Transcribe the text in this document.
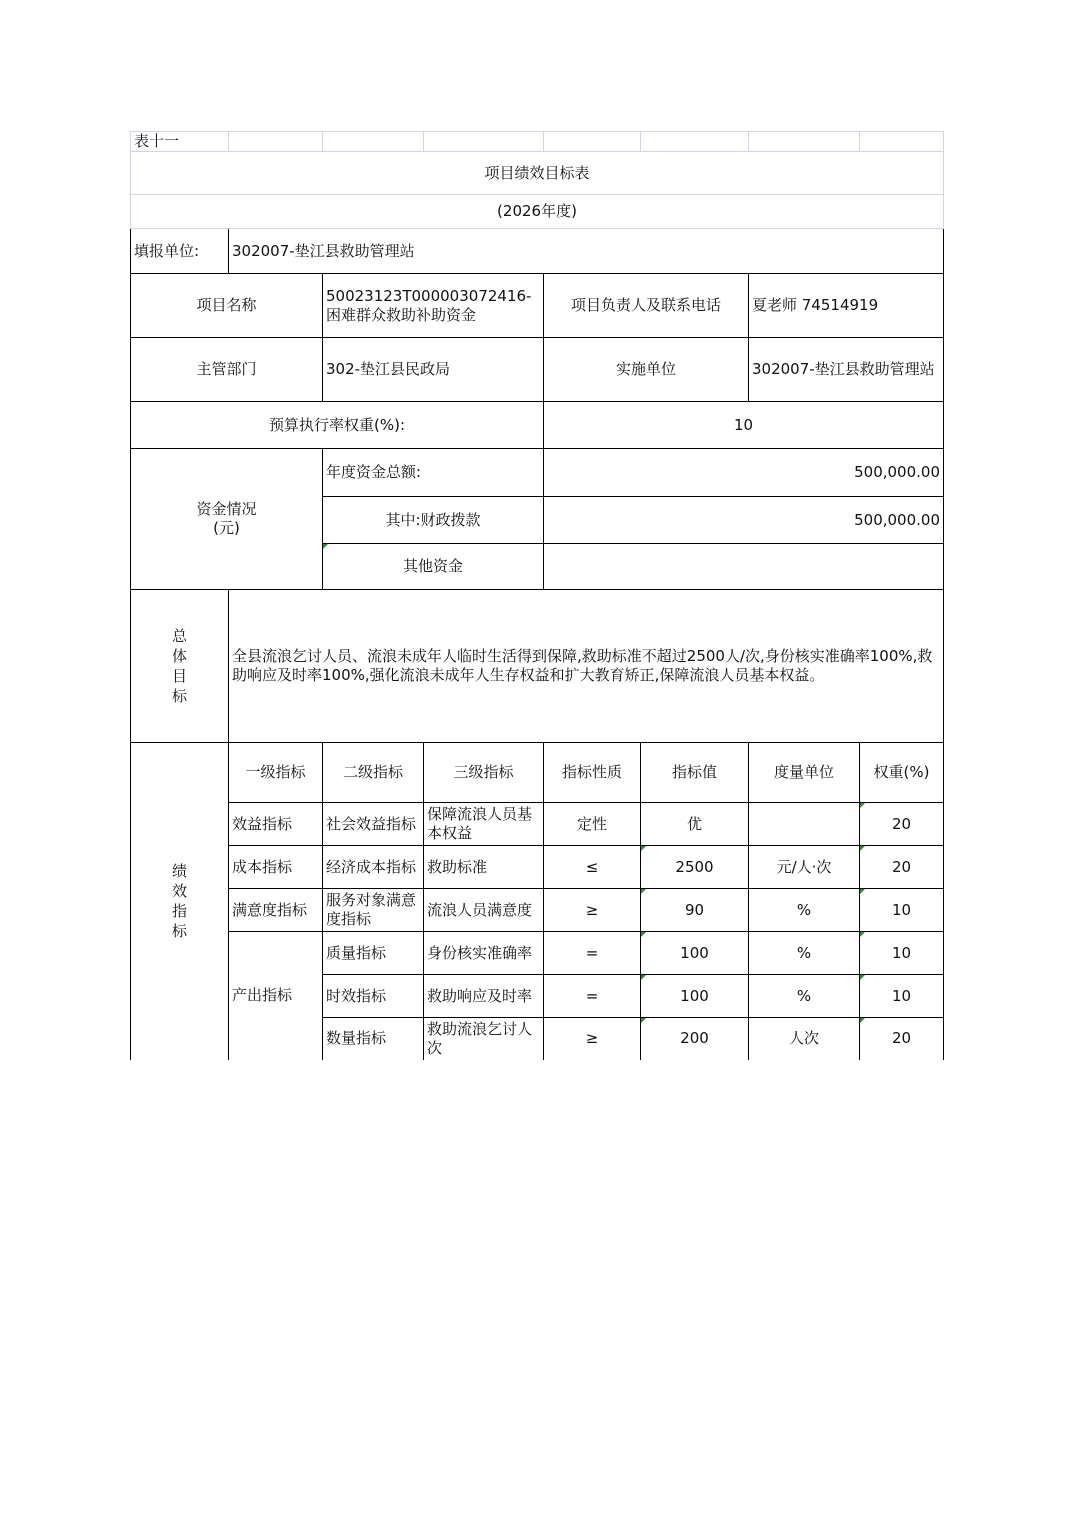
表十一							
项目绩效目标表							
(2026年度)							
填报单位:	302007-垫江县救助管理站						
项目名称		50023123T000003072416-困难群众救助补助资金		项目负责人及联系电话		夏老师 74514919	
主管部门		302-垫江县民政局		实施单位		302007-垫江县救助管理站	
预算执行率权重(%):				10			

资金情况
(元)		年度资金总额:		500,000.00			
		其中:财政拨款		500,000.00			
		其他资金					
总体目标	全县流浪乞讨人员、流浪未成年人临时生活得到保障,救助标准不超过2500人/次,身份核实准确率100%,救助响应及时率100%,强化流浪未成年人生存权益和扩大教育矫正,保障流浪人员基本权益。						
绩效指标	一级指标	二级指标	三级指标	指标性质	指标值	度量单位	权重(%)
	效益指标	社会效益指标	保障流浪人员基本权益	定性	优		20
	成本指标	经济成本指标	救助标准	≤	2500	元/人·次	20
	满意度指标	服务对象满意度指标	流浪人员满意度	≥	90	%	10
	产出指标	质量指标	身份核实准确率	=	100	%	10
		时效指标	救助响应及时率	=	100	%	10
		数量指标	救助流浪乞讨人次	≥	200	人次	20
